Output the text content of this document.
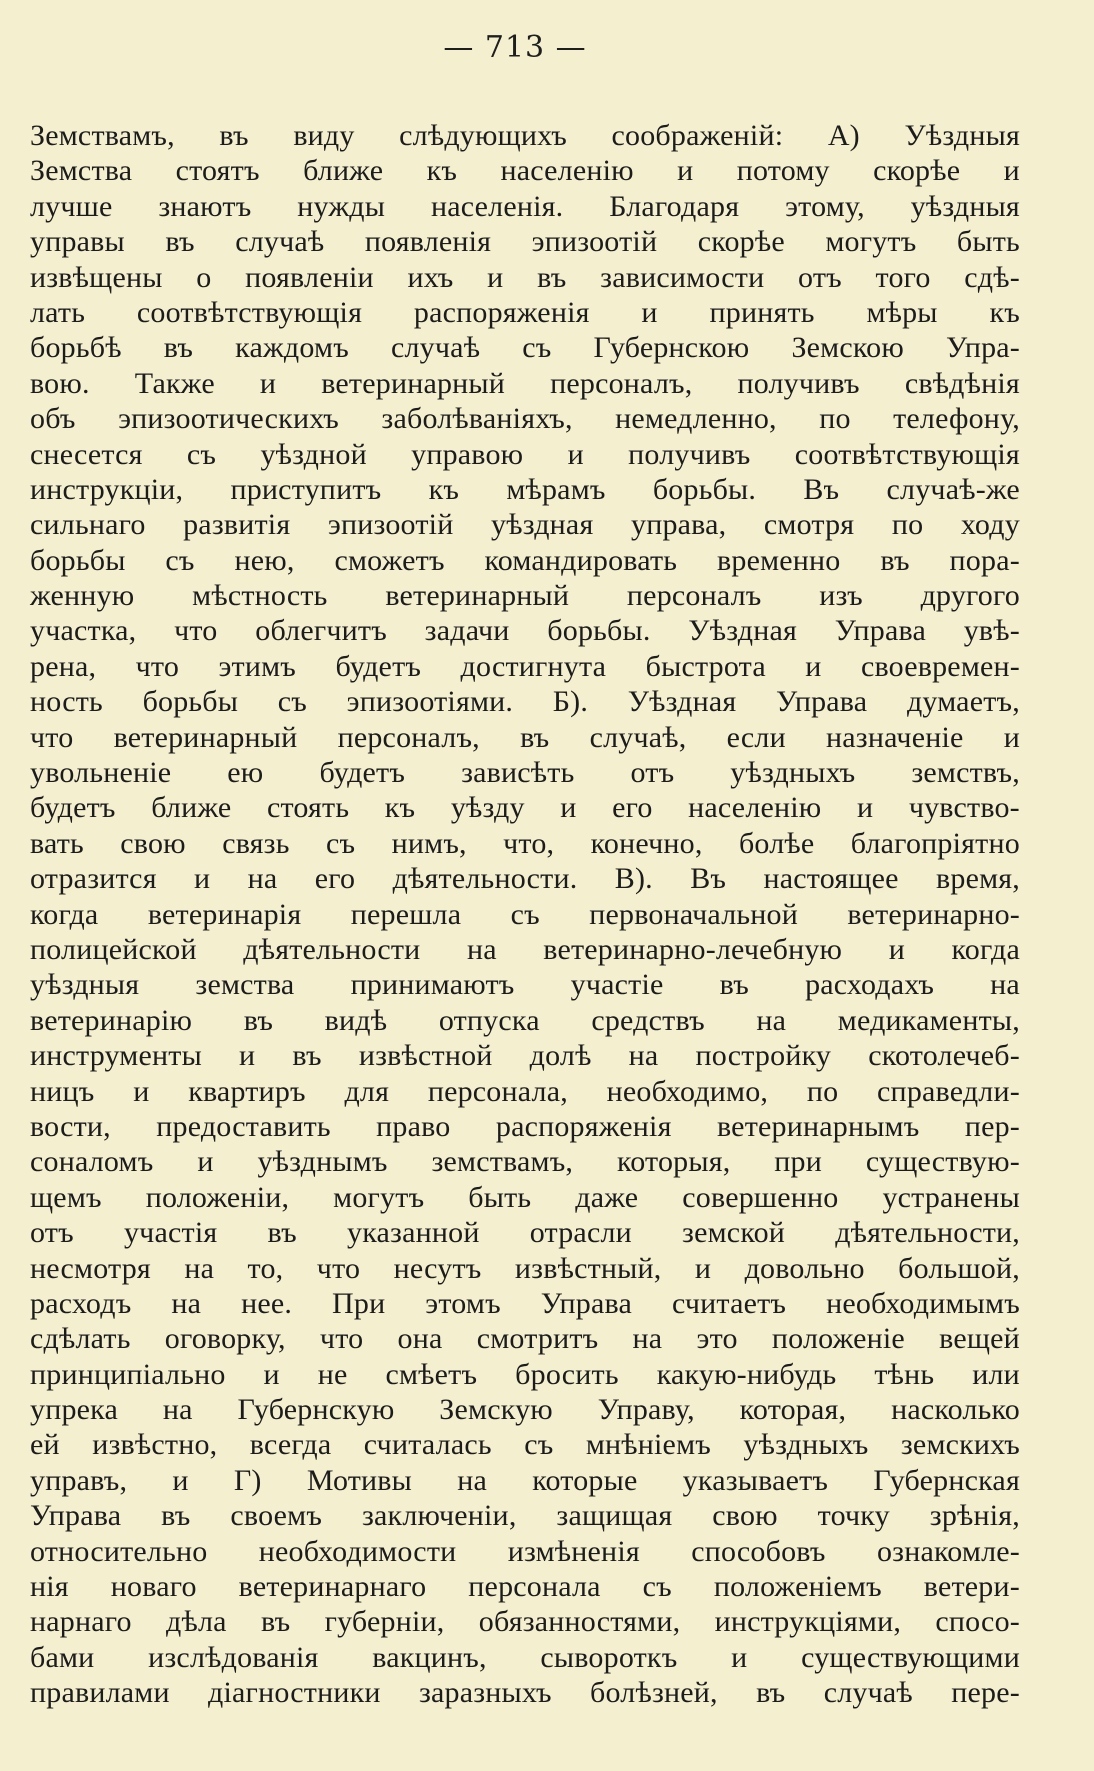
— 713 —
Земствамъ, въ виду слѣдующихъ соображеній: А) Уѣздныя
Земства стоятъ ближе къ населенію и потому скорѣе и
лучше знаютъ нужды населенія. Благодаря этому, уѣздныя
управы въ случаѣ появленія эпизоотій скорѣе могутъ быть
извѣщены о появленіи ихъ и въ зависимости отъ того сдѣ-
лать соотвѣтствующія распоряженія и принять мѣры къ
борьбѣ въ каждомъ случаѣ съ Губернскою Земскою Упра-
вою. Также и ветеринарный персоналъ, получивъ свѣдѣнія
объ эпизоотическихъ заболѣваніяхъ, немедленно, по телефону,
снесется съ уѣздной управою и получивъ соотвѣтствующія
инструкціи, приступитъ къ мѣрамъ борьбы. Въ случаѣ-же
сильнаго развитія эпизоотій уѣздная управа, смотря по ходу
борьбы съ нею, сможетъ командировать временно въ пора-
женную мѣстность ветеринарный персоналъ изъ другого
участка, что облегчитъ задачи борьбы. Уѣздная Управа увѣ-
рена, что этимъ будетъ достигнута быстрота и своевремен-
ность борьбы съ эпизоотіями. Б). Уѣздная Управа думаетъ,
что ветеринарный персоналъ, въ случаѣ, если назначеніе и
увольненіе ею будетъ зависѣть отъ уѣздныхъ земствъ,
будетъ ближе стоять къ уѣзду и его населенію и чувство-
вать свою связь съ нимъ, что, конечно, болѣе благопріятно
отразится и на его дѣятельности. В). Въ настоящее время,
когда ветеринарія перешла съ первоначальной ветеринарно-
полицейской дѣятельности на ветеринарно-лечебную и когда
уѣздныя земства принимаютъ участіе въ расходахъ на
ветеринарію въ видѣ отпуска средствъ на медикаменты,
инструменты и въ извѣстной долѣ на постройку скотолечеб-
ницъ и квартиръ для персонала, необходимо, по справедли-
вости, предоставить право распоряженія ветеринарнымъ пер-
соналомъ и уѣзднымъ земствамъ, которыя, при существую-
щемъ положеніи, могутъ быть даже совершенно устранены
отъ участія въ указанной отрасли земской дѣятельности,
несмотря на то, что несутъ извѣстный, и довольно большой,
расходъ на нее. При этомъ Управа считаетъ необходимымъ
сдѣлать оговорку, что она смотритъ на это положеніе вещей
принципіально и не смѣетъ бросить какую-нибудь тѣнь или
упрека на Губернскую Земскую Управу, которая, насколько
ей извѣстно, всегда считалась съ мнѣніемъ уѣздныхъ земскихъ
управъ, и Г) Мотивы на которые указываетъ Губернская
Управа въ своемъ заключеніи, защищая свою точку зрѣнія,
относительно необходимости измѣненія способовъ ознакомле-
нія новаго ветеринарнаго персонала съ положеніемъ ветери-
нарнаго дѣла въ губерніи, обязанностями, инструкціями, спосо-
бами изслѣдованія вакцинъ, сывороткъ и существующими
правилами діагностники заразныхъ болѣзней, въ случаѣ пере-
